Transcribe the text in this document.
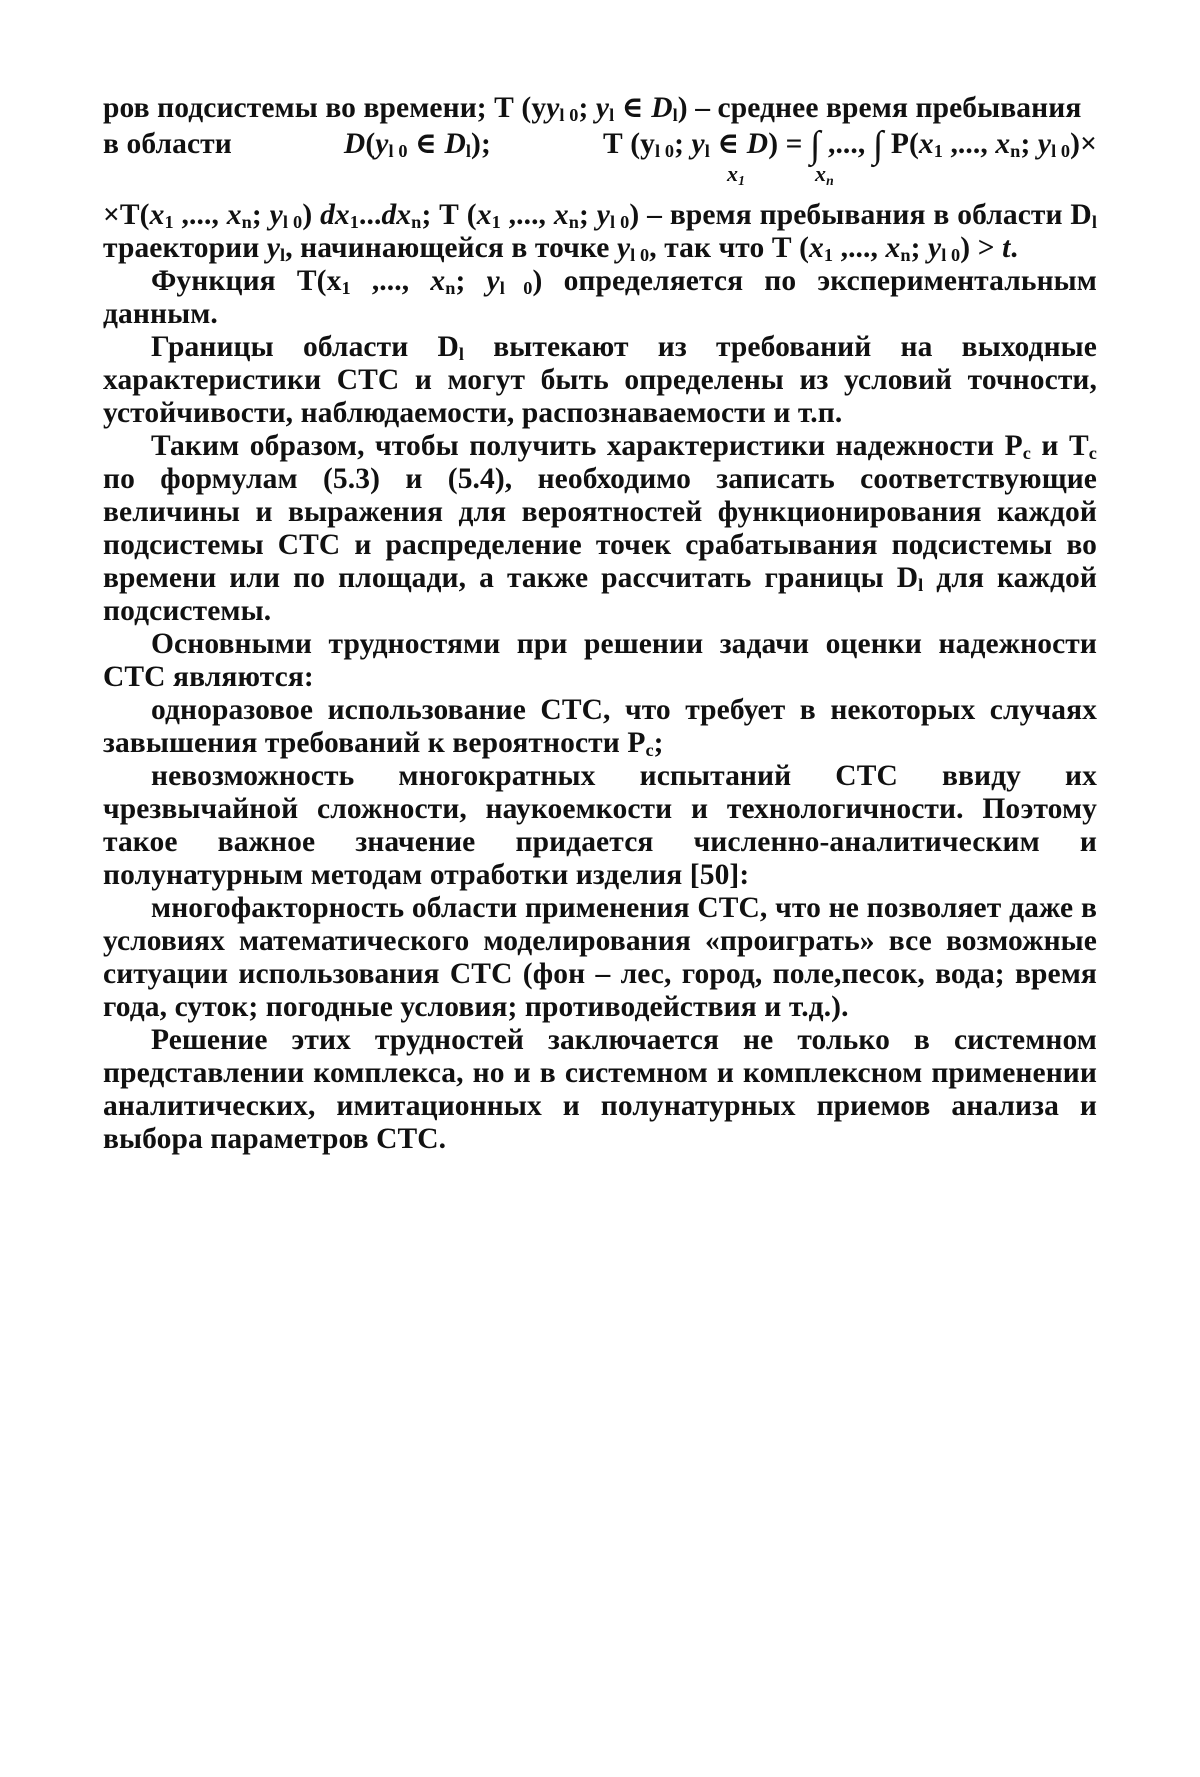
ров подсистемы во времени; Т ($yy_{l 0}$; $y_l$ ∈ $D_l$) – среднее время пребывания

в области	$D(y_{l 0}$ ∈ $D_l$);	Т ($y_{l 0}$; $y_l$ ∈ D) = ∫ ,..., ∫ $Р(x_1$ ,..., $x_n$; $y_{l 0})\times$
$x_1$	$x_n$

$\times Т(x_1$ ,..., $x_n$; $y_{l 0}$) $dx_1...dx_n$; Т ($x_1$ ,..., $x_n$; $y_{l 0}$) – время пребывания в области $D_l$ траектории $y_l$, начинающейся в точке $y_{l 0}$, так что Т ($x_1$ ,..., $x_n$; $y_{l 0}) > t$.

Функция $Т(x_1$ ,..., $x_n$; $y_{l 0}$) определяется по экспериментальным данным.

Границы области $D_l$ вытекают из требований на выходные характеристики СТС и могут быть определены из условий точности, устойчивости, наблюдаемости, распознаваемости и т.п.

Таким образом, чтобы получить характеристики надежности $Р_c$ и $Т_c$ по формулам (5.3) и (5.4), необходимо записать соответствующие величины и выражения для вероятностей функционирования каждой подсистемы СТС и распределение точек срабатывания подсистемы во времени или по площади, а также рассчитать границы $D_l$ для каждой подсистемы.

Основными трудностями при решении задачи оценки надежности СТС являются:

одноразовое использование СТС, что требует в некоторых случаях завышения требований к вероятности $Р_c$;

невозможность многократных испытаний СТС ввиду их чрезвычайной сложности, наукоемкости и технологичности. Поэтому такое важное значение придается численно-аналитическим и полунатурным методам отработки изделия [50]:

многофакторность области применения СТС, что не позволяет даже в условиях математического моделирования «проиграть» все возможные ситуации использования СТС (фон – лес, город, поле,песок, вода; время года, суток; погодные условия; противодействия и т.д.).

Решение этих трудностей заключается не только в системном представлении комплекса, но и в системном и комплексном применении аналитических, имитационных и полунатурных приемов анализа и выбора параметров СТС.
